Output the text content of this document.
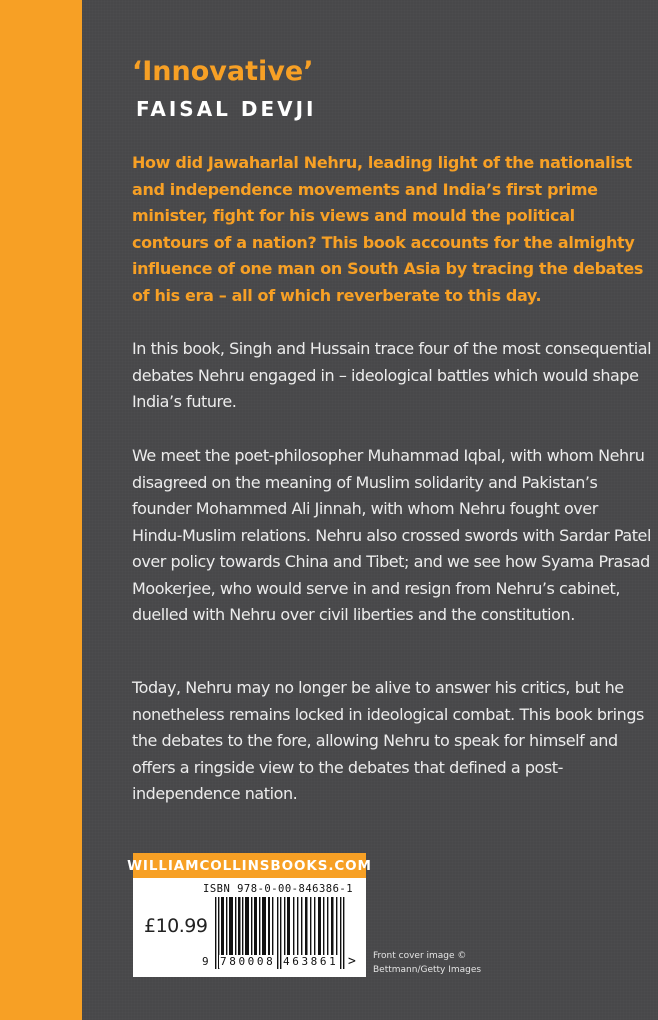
‘Innovative’
FAISAL DEVJI
How did Jawaharlal Nehru, leading light of the nationalist and independence movements and India’s first prime minister, fight for his views and mould the political contours of a nation? This book accounts for the almighty influence of one man on South Asia by tracing the debates of his era – all of which reverberate to this day.
In this book, Singh and Hussain trace four of the most consequential debates Nehru engaged in – ideological battles which would shape India’s future.
We meet the poet-philosopher Muhammad Iqbal, with whom Nehru disagreed on the meaning of Muslim solidarity and Pakistan’s founder Mohammed Ali Jinnah, with whom Nehru fought over Hindu-Muslim relations. Nehru also crossed swords with Sardar Patel over policy towards China and Tibet; and we see how Syama Prasad Mookerjee, who would serve in and resign from Nehru’s cabinet, duelled with Nehru over civil liberties and the constitution.
Today, Nehru may no longer be alive to answer his critics, but he nonetheless remains locked in ideological combat. This book brings the debates to the fore, allowing Nehru to speak for himself and offers a ringside view to the debates that defined a post-independence nation.
WILLIAMCOLLINSBOOKS.COM
ISBN 978-0-00-846386-1
£10.99
9 780008 463861 > Front cover image ©
Bettmann/Getty Images
